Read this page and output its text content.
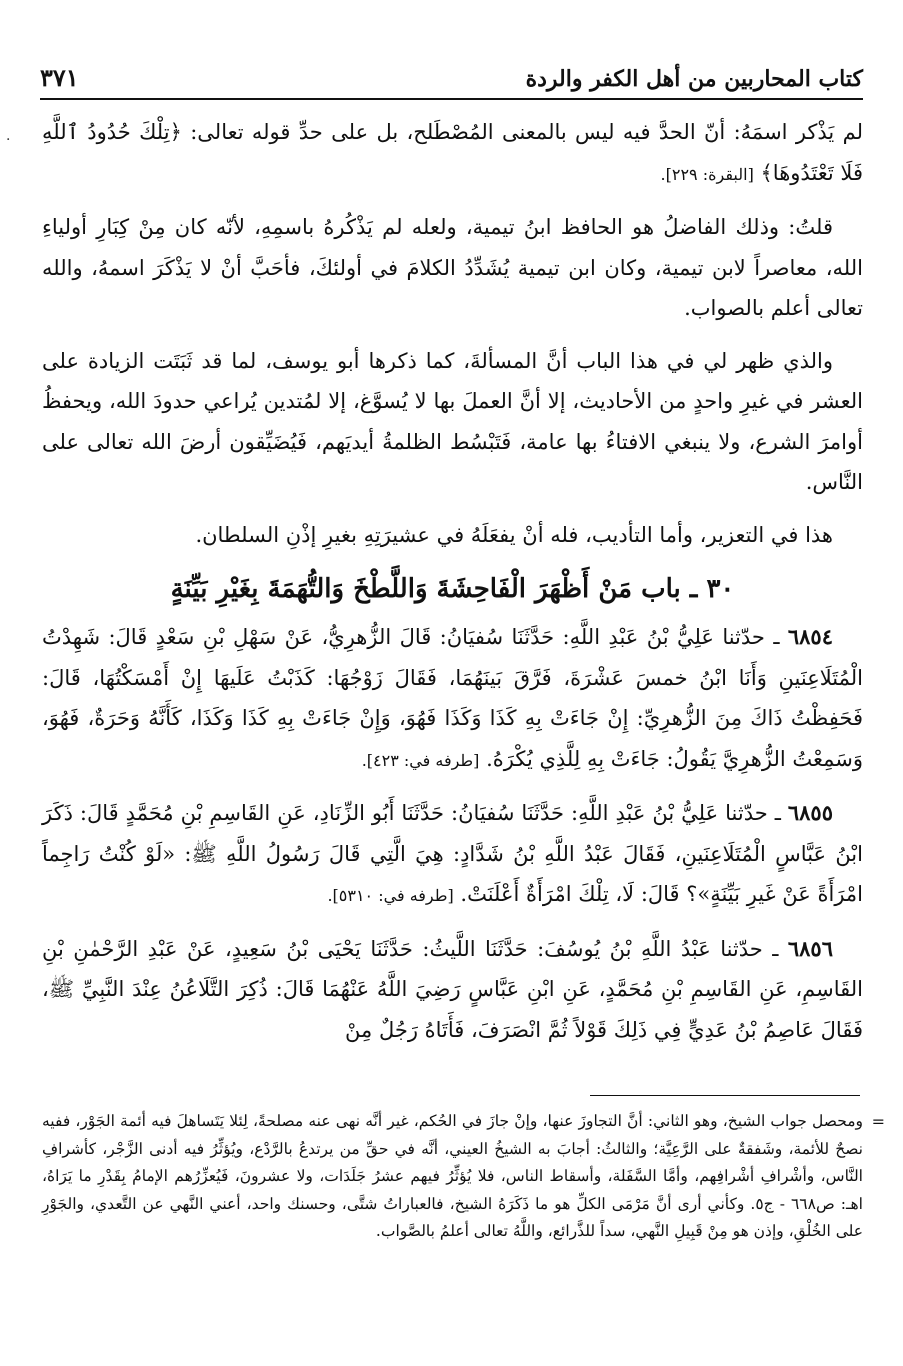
·
كتاب المحاربين من أهل الكفر والردة
٣٧١

لم يَذْكر اسمَهُ: أنّ الحدَّ فيه ليس بالمعنى المُصْطَلح، بل على حدِّ قوله تعالى: ﴿تِلْكَ حُدُودُ ٱللَّهِ فَلَا تَعْتَدُوهَا﴾ [البقرة: ٢٢٩].

قلتُ: وذلك الفاضلُ هو الحافظ ابنُ تيمية، ولعله لم يَذْكُرهُ باسمِهِ، لأنّه كان مِنْ كِبَارِ أولياءِ الله، معاصراً لابن تيمية، وكان ابن تيمية يُشَدِّدُ الكلامَ في أولئكَ، فأحَبَّ أنْ لا يَذْكَرَ اسمهُ، والله تعالى أعلم بالصواب.

والذي ظهر لي في هذا الباب أنَّ المسألةَ، كما ذكرها أبو يوسف، لما قد ثَبَتَت الزيادة على العشر في غيرِ واحدٍ من الأحاديث، إلا أنَّ العملَ بها لا يُسوَّغ، إلا لمُتدين يُراعي حدودَ الله، ويحفظُ أوامرَ الشرع، ولا ينبغي الافتاءُ بها عامة، فَتَبْسُط الظلمةُ أيديَهم، فَيُضَيِّقون أرضَ الله تعالى على النَّاس.

هذا في التعزير، وأما التأديب، فله أنْ يفعَلَهُ في عشيرَتِهِ بغيرِ إذْنِ السلطان.

٣٠ ـ باب مَنْ أَظْهَرَ الْفَاحِشَةَ وَاللَّطْخَ وَالتُّهَمَةَ بِغَيْرِ بَيِّنَةٍ

٦٨٥٤ ـ حدّثنا عَلِيُّ بْنُ عَبْدِ اللَّهِ: حَدَّثَنَا سُفيَانُ: قَالَ الزُّهرِيُّ، عَنْ سَهْلِ بْنِ سَعْدٍ قَالَ: شَهِدْتُ الْمُتَلَاعِنَينِ وَأَنَا ابْنُ خمسَ عَشْرَةَ، فَرَّقَ بَينَهُمَا، فَقَالَ زَوْجُهَا: كَذَبْتُ عَلَيهَا إِنْ أَمْسَكْتُهَا، قَالَ: فَحَفِظْتُ ذَاكَ مِنَ الزُّهرِيِّ: إِنْ جَاءَتْ بِهِ كَذَا وَكَذَا فَهُوَ، وَإِنْ جَاءَتْ بِهِ كَذَا وَكَذَا، كَأَنَّهُ وَحَرَةٌ، فَهُوَ، وَسَمِعْتُ الزُّهرِيَّ يَقُولُ: جَاءَتْ بِهِ لِلَّذِي يُكْرَهُ. [طرفه في: ٤٢٣].

٦٨٥٥ ـ حدّثنا عَلِيُّ بْنُ عَبْدِ اللَّهِ: حَدَّثَنَا سُفيَانُ: حَدَّثَنَا أَبُو الزِّنَادِ، عَنِ القَاسِمِ بْنِ مُحَمَّدٍ قَالَ: ذَكَرَ ابْنُ عَبَّاسٍ الْمُتَلَاعِنَينِ، فَقَالَ عَبْدُ اللَّهِ بْنُ شَدَّادٍ: هِيَ الَّتِي قَالَ رَسُولُ اللَّهِ ﷺ: «لَوْ كُنْتُ رَاجِماً امْرَأَةً عَنْ غَيرِ بَيِّنَةٍ»؟ قَالَ: لَا، تِلْكَ امْرَأَةٌ أَعْلَنَتْ. [طرفه في: ٥٣١٠].

٦٨٥٦ ـ حدّثنا عَبْدُ اللَّهِ بْنُ يُوسُفَ: حَدَّثَنَا اللَّيثُ: حَدَّثَنَا يَحْيَى بْنُ سَعِيدٍ، عَنْ عَبْدِ الرَّحْمٰنِ بْنِ القَاسِمِ، عَنِ القَاسِمِ بْنِ مُحَمَّدٍ، عَنِ ابْنِ عَبَّاسٍ رَضِيَ اللَّهُ عَنْهُمَا قَالَ: ذُكِرَ التَّلَاعُنُ عِنْدَ النَّبِيِّ ﷺ، فَقَالَ عَاصِمُ بْنُ عَدِيٍّ فِي ذَلِكَ قَوْلاً ثُمَّ انْصَرَفَ، فَأَتَاهُ رَجُلٌ مِنْ

=
ومحصل جواب الشيخ، وهو الثاني: أنَّ التجاوزَ عنها، وإنْ جازَ في الحُكم، غير أنَّه نهى عنه مصلحةً، لِئلا يَتَساهلَ فيه أئمة الجَوْر، ففيه نصحٌ للأئمة، وشَفقةٌ على الرَّعِيَّة؛ والثالثُ: أجابَ به الشيخُ العيني، أنَّه في حقِّ من يرتدعُ بالرَّدْع، ويُؤثِّرُ فيه أدنى الزَّجْر، كأشرافِ النَّاس، وأشْرافِ أشْرافِهم، وأمَّا السَّفَلة، وأسقاط الناس، فلا يُؤثِّرُ فيهم عشرُ جَلَدَات، ولا عشرونَ، فَيُعزِّرُهم الإمامُ بِقَدْرِ ما يَرَاهُ، اهـ: ص٦٦٨ - ج٥. وكأني أرى أنَّ مَرْمَى الكلِّ هو ما ذَكَرَهُ الشيخ، فالعباراتُ شتَّى، وحسنك واحد، أعني النَّهي عن التَّعدي، والجَوْرِ على الخُلْقِ، وإذن هو مِنْ قَبِيلِ النَّهي، سداً للذَّرائع، واللَّهُ تعالى أعلمُ بالصَّواب.
